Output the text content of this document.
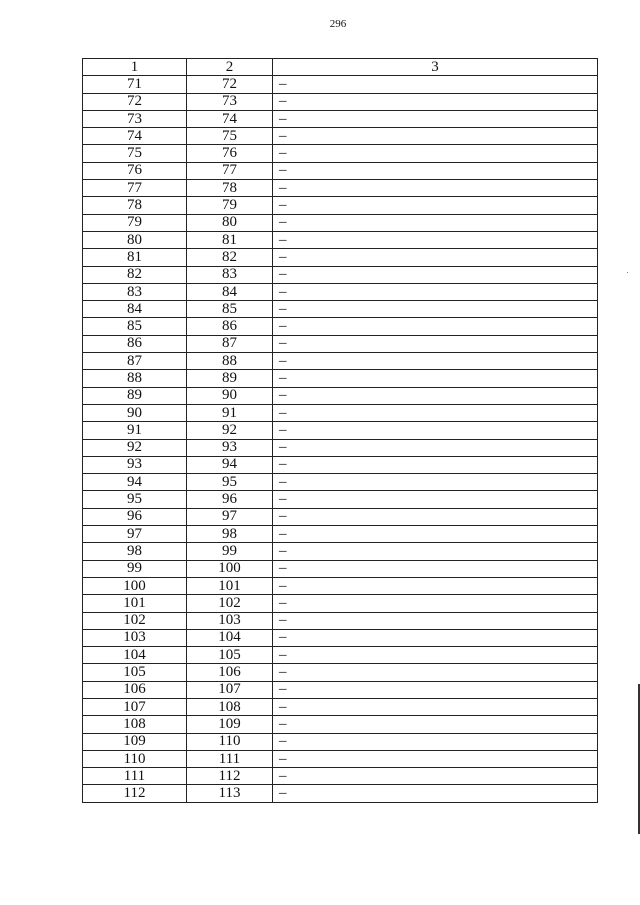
296
1	2	3
71	72	–
72	73	–
73	74	–
74	75	–
75	76	–
76	77	–
77	78	–
78	79	–
79	80	–
80	81	–
81	82	–
82	83	–
83	84	–
84	85	–
85	86	–
86	87	–
87	88	–
88	89	–
89	90	–
90	91	–
91	92	–
92	93	–
93	94	–
94	95	–
95	96	–
96	97	–
97	98	–
98	99	–
99	100	–
100	101	–
101	102	–
102	103	–
103	104	–
104	105	–
105	106	–
106	107	–
107	108	–
108	109	–
109	110	–
110	111	–
111	112	–
112	113	–
